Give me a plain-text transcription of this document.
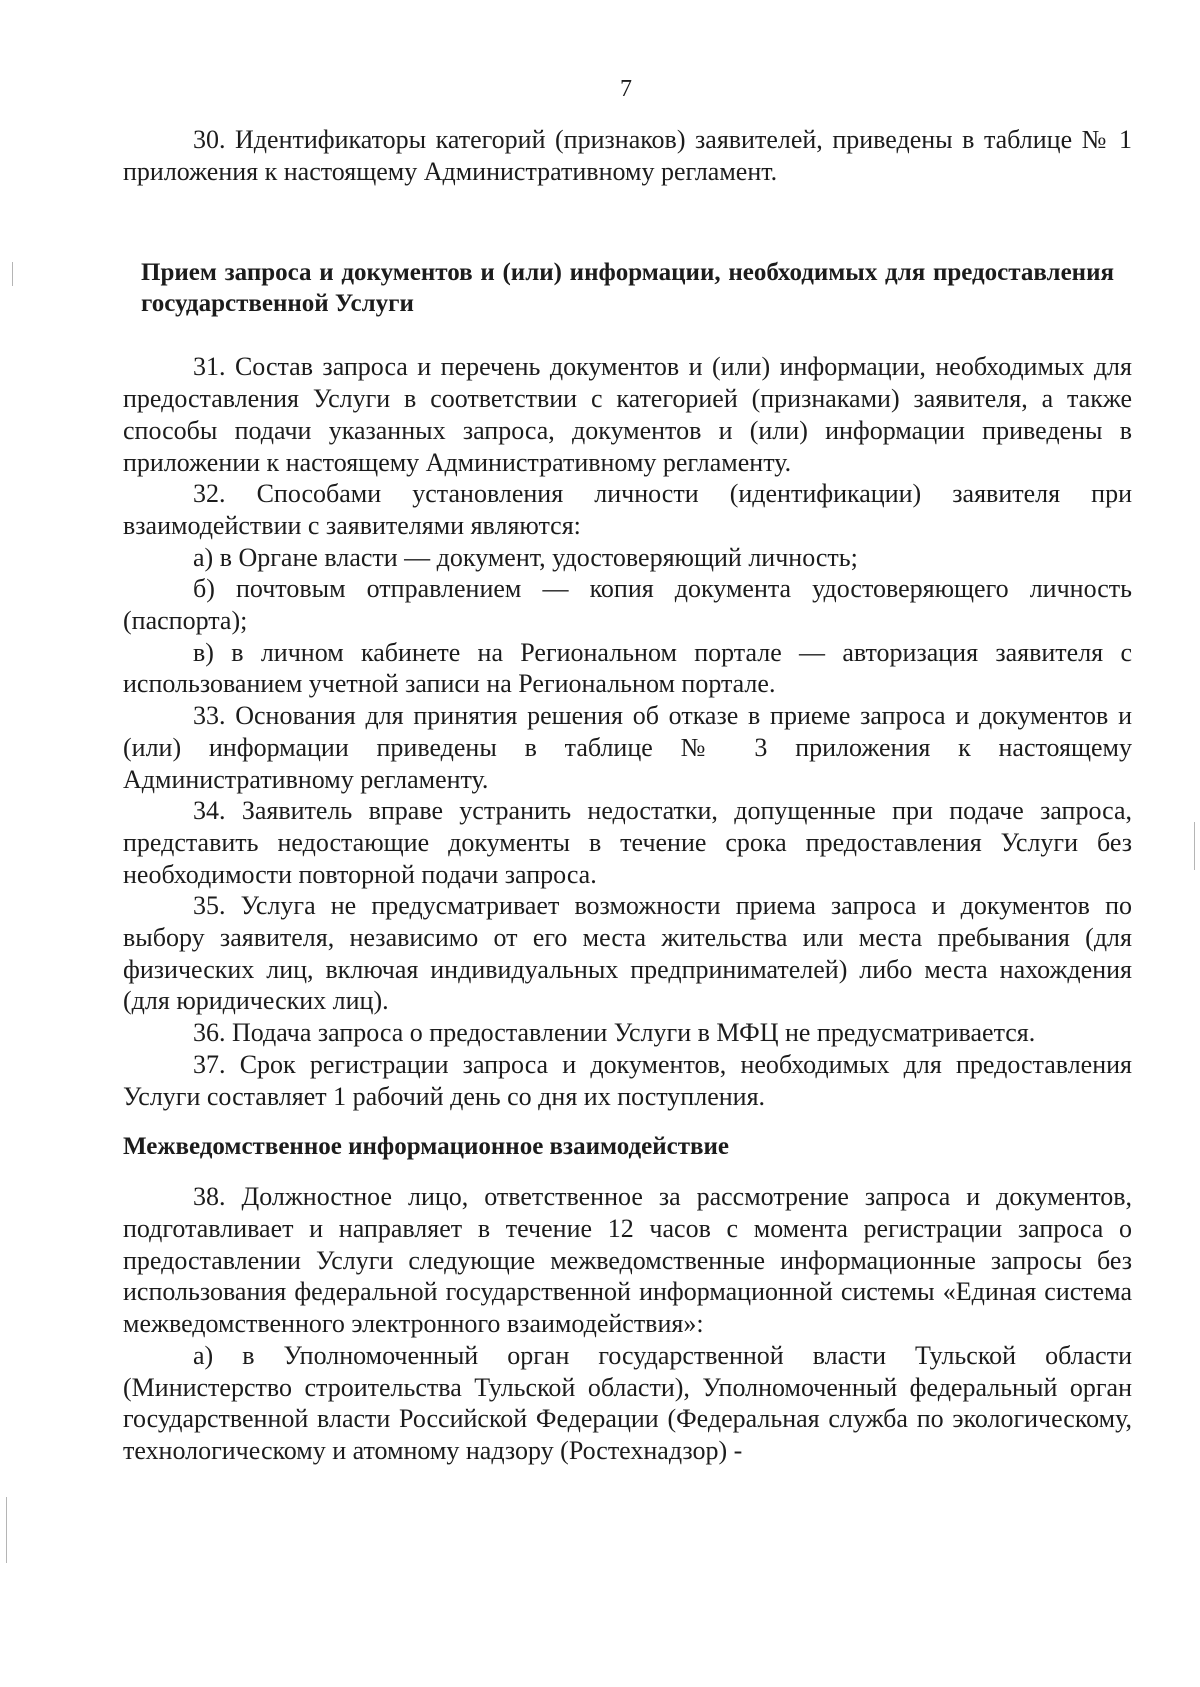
7

30. Идентификаторы категорий (признаков) заявителей, приведены в таблице № 1 приложения к настоящему Административному регламент.

Прием запроса и документов и (или) информации, необходимых для предоставления государственной Услуги

31. Состав запроса и перечень документов и (или) информации, необходимых для предоставления Услуги в соответствии с категорией (признаками) заявителя, а также способы подачи указанных запроса, документов и (или) информации приведены в приложении к настоящему Административному регламенту.

32. Способами установления личности (идентификации) заявителя при взаимодействии с заявителями являются:

а) в Органе власти — документ, удостоверяющий личность;

б) почтовым отправлением — копия документа удостоверяющего личность (паспорта);

в) в личном кабинете на Региональном портале — авторизация заявителя с использованием учетной записи на Региональном портале.

33. Основания для принятия решения об отказе в приеме запроса и документов и (или) информации приведены в таблице № 3 приложения к настоящему Административному регламенту.

34. Заявитель вправе устранить недостатки, допущенные при подаче запроса, представить недостающие документы в течение срока предоставления Услуги без необходимости повторной подачи запроса.

35. Услуга не предусматривает возможности приема запроса и документов по выбору заявителя, независимо от его места жительства или места пребывания (для физических лиц, включая индивидуальных предпринимателей) либо места нахождения (для юридических лиц).

36. Подача запроса о предоставлении Услуги в МФЦ не предусматривается.

37. Срок регистрации запроса и документов, необходимых для предоставления Услуги составляет 1 рабочий день со дня их поступления.

Межведомственное информационное взаимодействие

38. Должностное лицо, ответственное за рассмотрение запроса и документов, подготавливает и направляет в течение 12 часов с момента регистрации запроса о предоставлении Услуги следующие межведомственные информационные запросы без использования федеральной государственной информационной системы «Единая система межведомственного электронного взаимодействия»:

а) в Уполномоченный орган государственной власти Тульской области (Министерство строительства Тульской области), Уполномоченный федеральный орган государственной власти Российской Федерации (Федеральная служба по экологическому, технологическому и атомному надзору (Ростехнадзор) -
